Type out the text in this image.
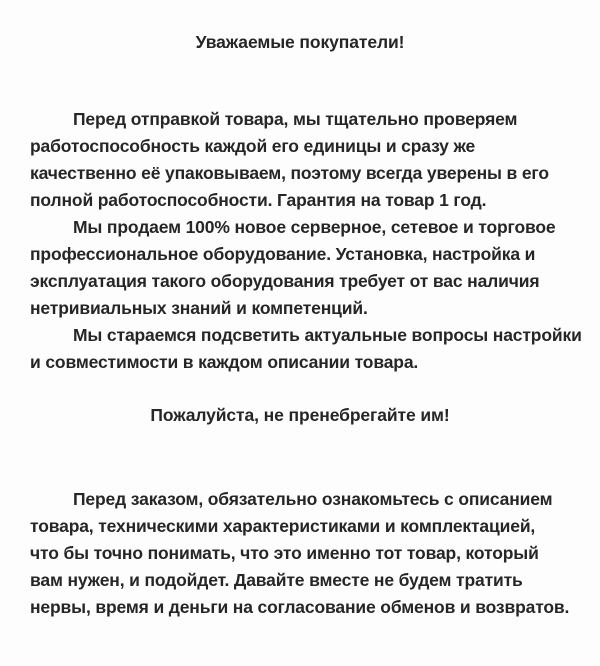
Уважаемые покупатели!
Перед отправкой товара, мы тщательно проверяем
работоспособность каждой его единицы и сразу же
качественно её упаковываем, поэтому всегда уверены в его
полной работоспособности. Гарантия на товар 1 год.
Мы продаем 100% новое серверное, сетевое и торговое
профессиональное оборудование. Установка, настройка и
эксплуатация такого оборудования требует от вас наличия
нетривиальных знаний и компетенций.
Мы стараемся подсветить актуальные вопросы настройки
и совместимости в каждом описании товара.
Пожалуйста, не пренебрегайте им!
Перед заказом, обязательно ознакомьтесь с описанием
товара, техническими характеристиками и комплектацией,
что бы точно понимать, что это именно тот товар, который
вам нужен, и подойдет. Давайте вместе не будем тратить
нервы, время и деньги на согласование обменов и возвратов.
